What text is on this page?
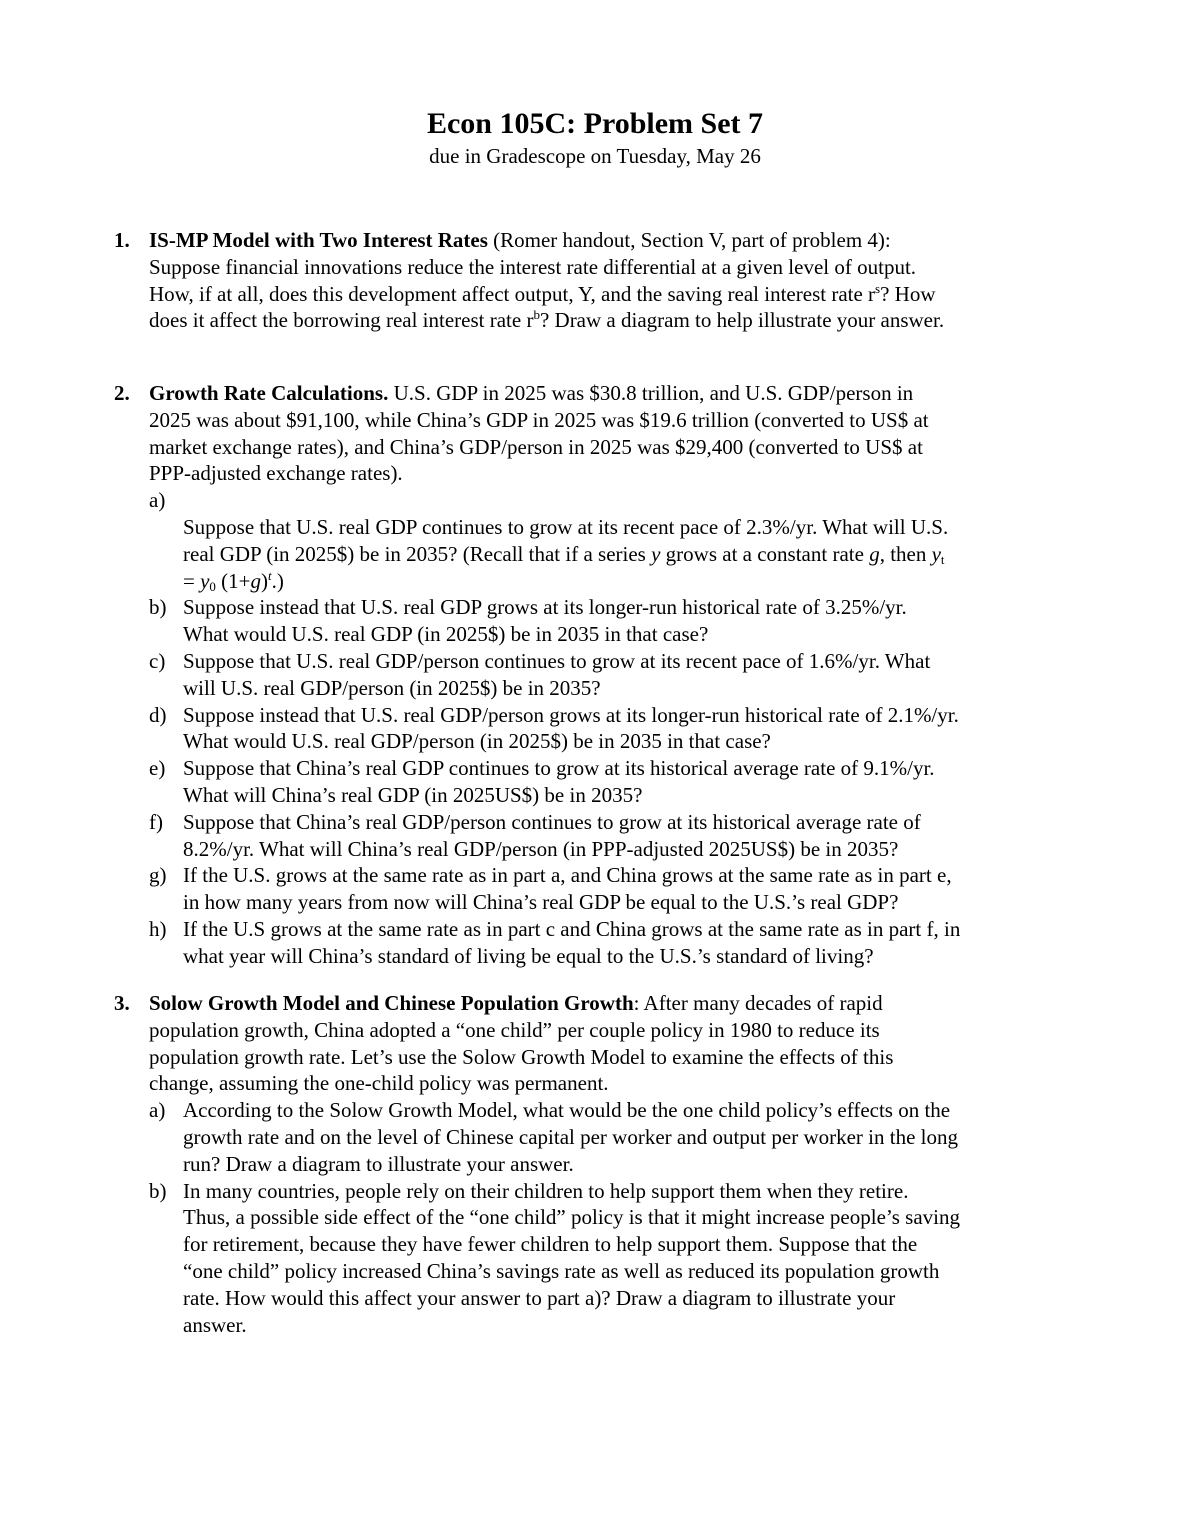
Econ 105C: Problem Set 7
due in Gradescope on Tuesday, May 26
1. IS-MP Model with Two Interest Rates (Romer handout, Section V, part of problem 4):
Suppose financial innovations reduce the interest rate differential at a given level of output.
How, if at all, does this development affect output, Y, and the saving real interest rate $r^s$? How
does it affect the borrowing real interest rate $r^b$? Draw a diagram to help illustrate your answer.
2. Growth Rate Calculations. U.S. GDP in 2025 was $30.8 trillion, and U.S. GDP/person in
2025 was about $91,100, while China’s GDP in 2025 was $19.6 trillion (converted to US$ at
market exchange rates), and China’s GDP/person in 2025 was $29,400 (converted to US$ at
PPP-adjusted exchange rates).

a)
Suppose that U.S. real GDP continues to grow at its recent pace of 2.3%/yr. What will U.S.
real GDP (in 2025$) be in 2035? (Recall that if a series y grows at a constant rate g, then $y_t$
= $y_0$ $(1+g)^t$.)

b) Suppose instead that U.S. real GDP grows at its longer-run historical rate of 3.25%/yr.
What would U.S. real GDP (in 2025$) be in 2035 in that case?
c) Suppose that U.S. real GDP/person continues to grow at its recent pace of 1.6%/yr. What
will U.S. real GDP/person (in 2025$) be in 2035?
d) Suppose instead that U.S. real GDP/person grows at its longer-run historical rate of 2.1%/yr.
What would U.S. real GDP/person (in 2025$) be in 2035 in that case?
e) Suppose that China’s real GDP continues to grow at its historical average rate of 9.1%/yr.
What will China’s real GDP (in 2025US$) be in 2035?
f) Suppose that China’s real GDP/person continues to grow at its historical average rate of
8.2%/yr. What will China’s real GDP/person (in PPP-adjusted 2025US$) be in 2035?
g) If the U.S. grows at the same rate as in part a, and China grows at the same rate as in part e,
in how many years from now will China’s real GDP be equal to the U.S.’s real GDP?
h) If the U.S grows at the same rate as in part c and China grows at the same rate as in part f, in
what year will China’s standard of living be equal to the U.S.’s standard of living?
3. Solow Growth Model and Chinese Population Growth: After many decades of rapid
population growth, China adopted a “one child” per couple policy in 1980 to reduce its
population growth rate. Let’s use the Solow Growth Model to examine the effects of this
change, assuming the one-child policy was permanent.
a) According to the Solow Growth Model, what would be the one child policy’s effects on the
growth rate and on the level of Chinese capital per worker and output per worker in the long
run? Draw a diagram to illustrate your answer.
b) In many countries, people rely on their children to help support them when they retire.
Thus, a possible side effect of the “one child” policy is that it might increase people’s saving
for retirement, because they have fewer children to help support them. Suppose that the
“one child” policy increased China’s savings rate as well as reduced its population growth
rate. How would this affect your answer to part a)? Draw a diagram to illustrate your
answer.
